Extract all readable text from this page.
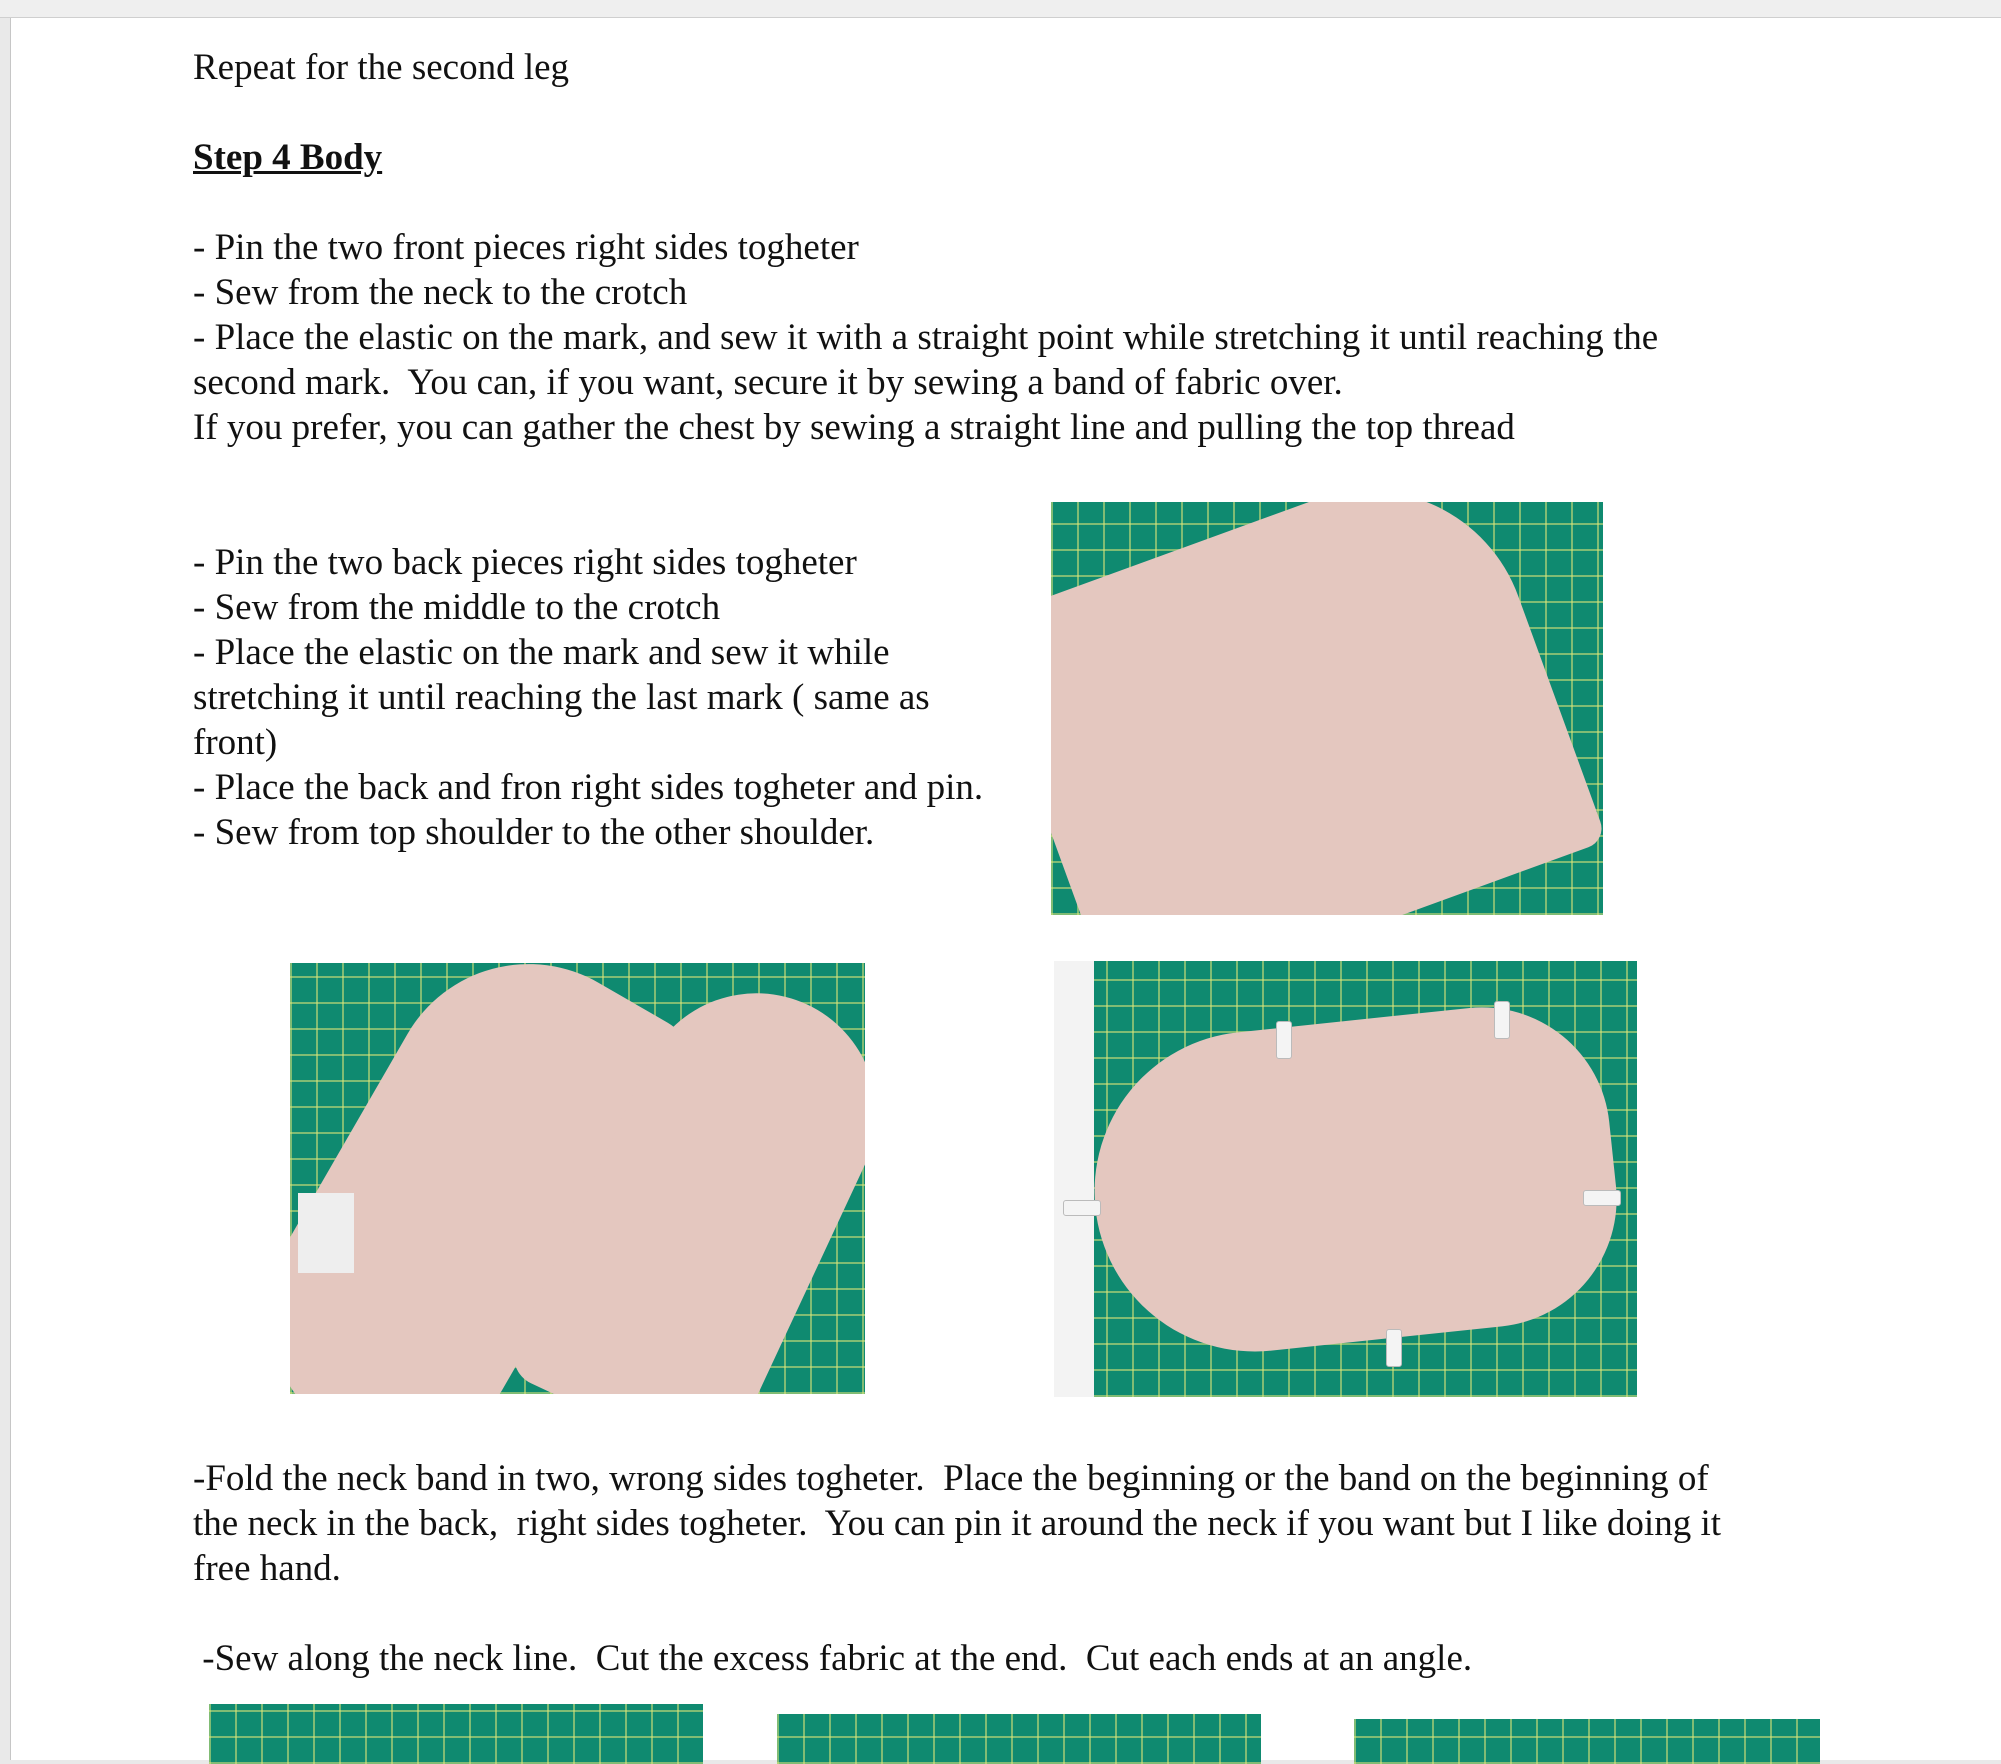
Repeat for the second leg

Step 4 Body

- Pin the two front pieces right sides togheter

- Sew from the neck to the crotch

- Place the elastic on the mark, and sew it with a straight point while stretching it until reaching the

second mark.  You can, if you want, secure it by sewing a band of fabric over.

If you prefer, you can gather the chest by sewing a straight line and pulling the top thread

- Pin the two back pieces right sides togheter

- Sew from the middle to the crotch

- Place the elastic on the mark and sew it while

stretching it until reaching the last mark ( same as

front)

- Place the back and fron right sides togheter and pin.

- Sew from top shoulder to the other shoulder.

-Fold the neck band in two, wrong sides togheter.  Place the beginning or the band on the beginning of

the neck in the back,  right sides togheter.  You can pin it around the neck if you want but I like doing it

free hand.

-Sew along the neck line.  Cut the excess fabric at the end.  Cut each ends at an angle.
